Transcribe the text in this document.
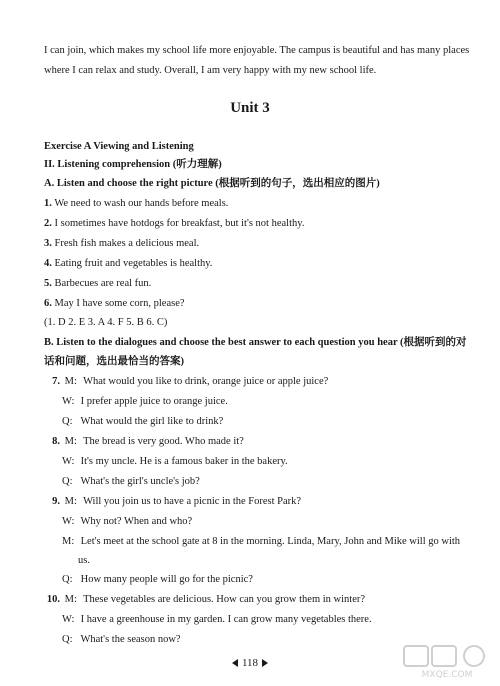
I can join, which makes my school life more enjoyable. The campus is beautiful and has many places
where I can relax and study. Overall, I am very happy with my new school life.
Unit 3
Exercise A Viewing and Listening
II. Listening comprehension (听力理解)
A. Listen and choose the right picture (根据听到的句子，选出相应的图片)
1. We need to wash our hands before meals.
2. I sometimes have hotdogs for breakfast, but it's not healthy.
3. Fresh fish makes a delicious meal.
4. Eating fruit and vegetables is healthy.
5. Barbecues are real fun.
6. May I have some corn, please?
(1. D 2. E 3. A 4. F 5. B 6. C)
B. Listen to the dialogues and choose the best answer to each question you hear (根据听到的对
话和问题，选出最恰当的答案)
7. M: What would you like to drink, orange juice or apple juice?
W: I prefer apple juice to orange juice.
Q: What would the girl like to drink?
8. M: The bread is very good. Who made it?
W: It's my uncle. He is a famous baker in the bakery.
Q: What's the girl's uncle's job?
9. M: Will you join us to have a picnic in the Forest Park?
W: Why not? When and who?
M: Let's meet at the school gate at 8 in the morning. Linda, Mary, John and Mike will go with
us.
Q: How many people will go for the picnic?
10. M: These vegetables are delicious. How can you grow them in winter?
W: I have a greenhouse in my garden. I can grow many vegetables there.
Q: What's the season now?
118
MXQE.COM
